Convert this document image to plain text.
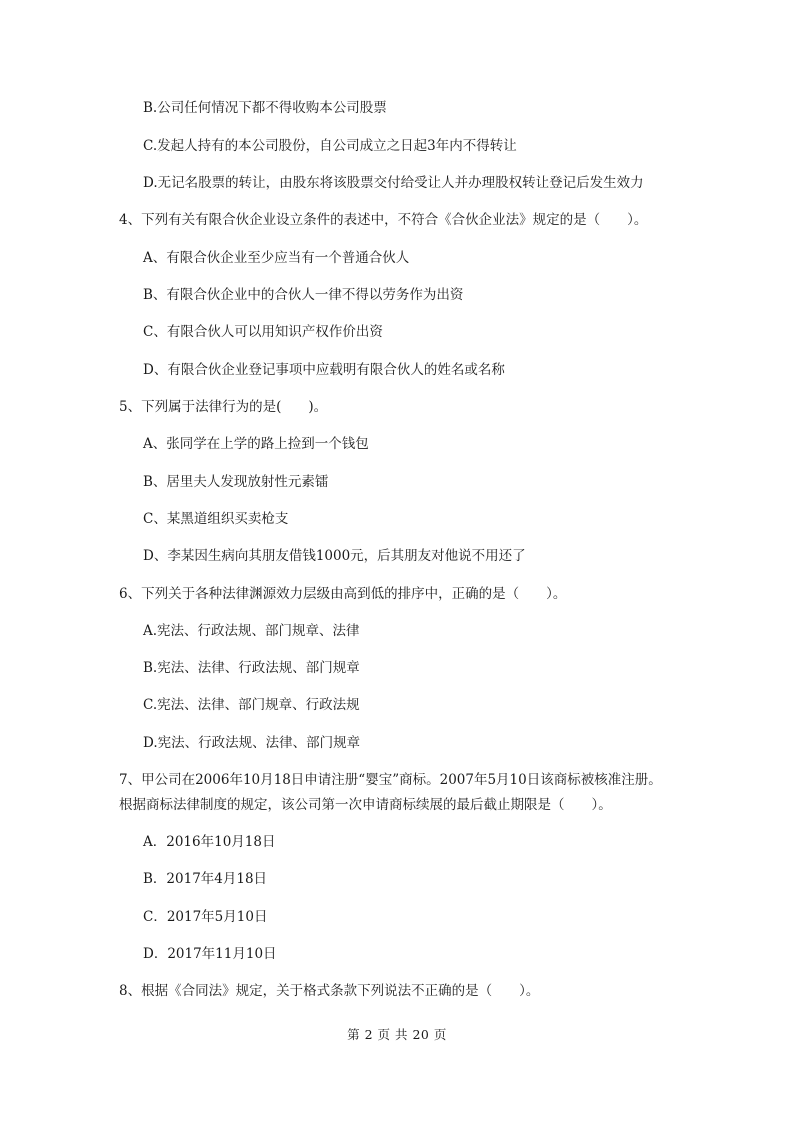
B.公司任何情况下都不得收购本公司股票
C.发起人持有的本公司股份，自公司成立之日起3年内不得转让
D.无记名股票的转让，由股东将该股票交付给受让人并办理股权转让登记后发生效力
4、下列有关有限合伙企业设立条件的表述中，不符合《合伙企业法》规定的是（　　）。
A、有限合伙企业至少应当有一个普通合伙人
B、有限合伙企业中的合伙人一律不得以劳务作为出资
C、有限合伙人可以用知识产权作价出资
D、有限合伙企业登记事项中应载明有限合伙人的姓名或名称
5、下列属于法律行为的是(　　)。
A、张同学在上学的路上捡到一个钱包
B、居里夫人发现放射性元素镭
C、某黑道组织买卖枪支
D、李某因生病向其朋友借钱1000元，后其朋友对他说不用还了
6、下列关于各种法律渊源效力层级由高到低的排序中，正确的是（　　）。
A.宪法、行政法规、部门规章、法律
B.宪法、法律、行政法规、部门规章
C.宪法、法律、部门规章、行政法规
D.宪法、行政法规、法律、部门规章
7、甲公司在2006年10月18日申请注册“婴宝”商标。2007年5月10日该商标被核准注册。
根据商标法律制度的规定，该公司第一次申请商标续展的最后截止期限是（　　）。
A．2016年10月18日
B．2017年4月18日
C．2017年5月10日
D．2017年11月10日
8、根据《合同法》规定，关于格式条款下列说法不正确的是（　　）。
第 2 页 共 20 页
